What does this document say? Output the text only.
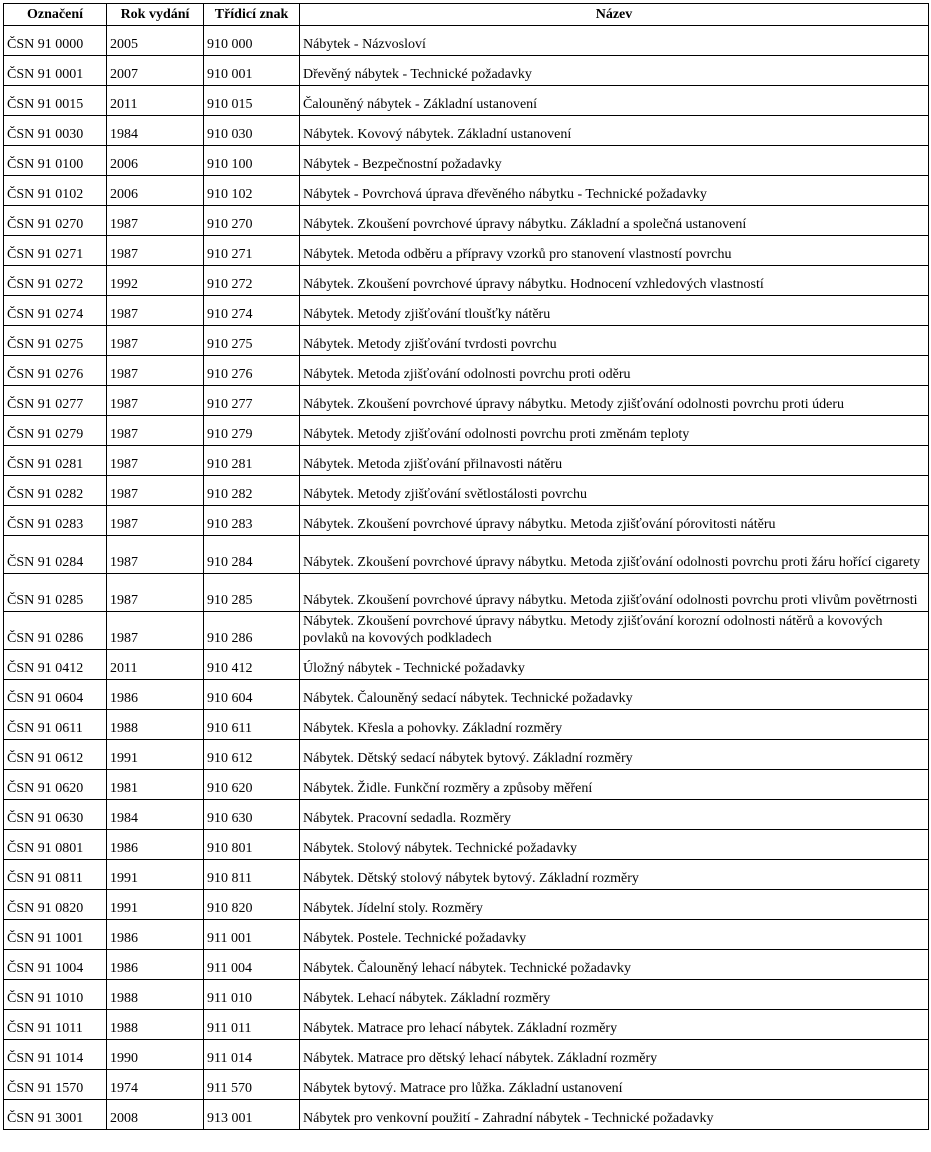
Označení	Rok vydání	Třídicí znak	Název
ČSN 91 0000	2005	910 000	Nábytek - Názvosloví
ČSN 91 0001	2007	910 001	Dřevěný nábytek - Technické požadavky
ČSN 91 0015	2011	910 015	Čalouněný nábytek - Základní ustanovení
ČSN 91 0030	1984	910 030	Nábytek. Kovový nábytek. Základní ustanovení
ČSN 91 0100	2006	910 100	Nábytek - Bezpečnostní požadavky
ČSN 91 0102	2006	910 102	Nábytek - Povrchová úprava dřevěného nábytku - Technické požadavky
ČSN 91 0270	1987	910 270	Nábytek. Zkoušení povrchové úpravy nábytku. Základní a společná ustanovení
ČSN 91 0271	1987	910 271	Nábytek. Metoda odběru a přípravy vzorků pro stanovení vlastností povrchu
ČSN 91 0272	1992	910 272	Nábytek. Zkoušení povrchové úpravy nábytku. Hodnocení vzhledových vlastností
ČSN 91 0274	1987	910 274	Nábytek. Metody zjišťování tloušťky nátěru
ČSN 91 0275	1987	910 275	Nábytek. Metody zjišťování tvrdosti povrchu
ČSN 91 0276	1987	910 276	Nábytek. Metoda zjišťování odolnosti povrchu proti oděru
ČSN 91 0277	1987	910 277	Nábytek. Zkoušení povrchové úpravy nábytku. Metody zjišťování odolnosti povrchu proti úderu
ČSN 91 0279	1987	910 279	Nábytek. Metody zjišťování odolnosti povrchu proti změnám teploty
ČSN 91 0281	1987	910 281	Nábytek. Metoda zjišťování přilnavosti nátěru
ČSN 91 0282	1987	910 282	Nábytek. Metody zjišťování světlostálosti povrchu
ČSN 91 0283	1987	910 283	Nábytek. Zkoušení povrchové úpravy nábytku. Metoda zjišťování pórovitosti nátěru
ČSN 91 0284	1987	910 284	Nábytek. Zkoušení povrchové úpravy nábytku. Metoda zjišťování odolnosti povrchu proti žáru hořící cigarety
ČSN 91 0285	1987	910 285	Nábytek. Zkoušení povrchové úpravy nábytku. Metoda zjišťování odolnosti povrchu proti vlivům povětrnosti
ČSN 91 0286	1987	910 286	Nábytek. Zkoušení povrchové úpravy nábytku. Metody zjišťování korozní odolnosti nátěrů a kovových povlaků na kovových podkladech
ČSN 91 0412	2011	910 412	Úložný nábytek - Technické požadavky
ČSN 91 0604	1986	910 604	Nábytek. Čalouněný sedací nábytek. Technické požadavky
ČSN 91 0611	1988	910 611	Nábytek. Křesla a pohovky. Základní rozměry
ČSN 91 0612	1991	910 612	Nábytek. Dětský sedací nábytek bytový. Základní rozměry
ČSN 91 0620	1981	910 620	Nábytek. Židle. Funkční rozměry a způsoby měření
ČSN 91 0630	1984	910 630	Nábytek. Pracovní sedadla. Rozměry
ČSN 91 0801	1986	910 801	Nábytek. Stolový nábytek. Technické požadavky
ČSN 91 0811	1991	910 811	Nábytek. Dětský stolový nábytek bytový. Základní rozměry
ČSN 91 0820	1991	910 820	Nábytek. Jídelní stoly. Rozměry
ČSN 91 1001	1986	911 001	Nábytek. Postele. Technické požadavky
ČSN 91 1004	1986	911 004	Nábytek. Čalouněný lehací nábytek. Technické požadavky
ČSN 91 1010	1988	911 010	Nábytek. Lehací nábytek. Základní rozměry
ČSN 91 1011	1988	911 011	Nábytek. Matrace pro lehací nábytek. Základní rozměry
ČSN 91 1014	1990	911 014	Nábytek. Matrace pro dětský lehací nábytek. Základní rozměry
ČSN 91 1570	1974	911 570	Nábytek bytový. Matrace pro lůžka. Základní ustanovení
ČSN 91 3001	2008	913 001	Nábytek pro venkovní použití - Zahradní nábytek - Technické požadavky
